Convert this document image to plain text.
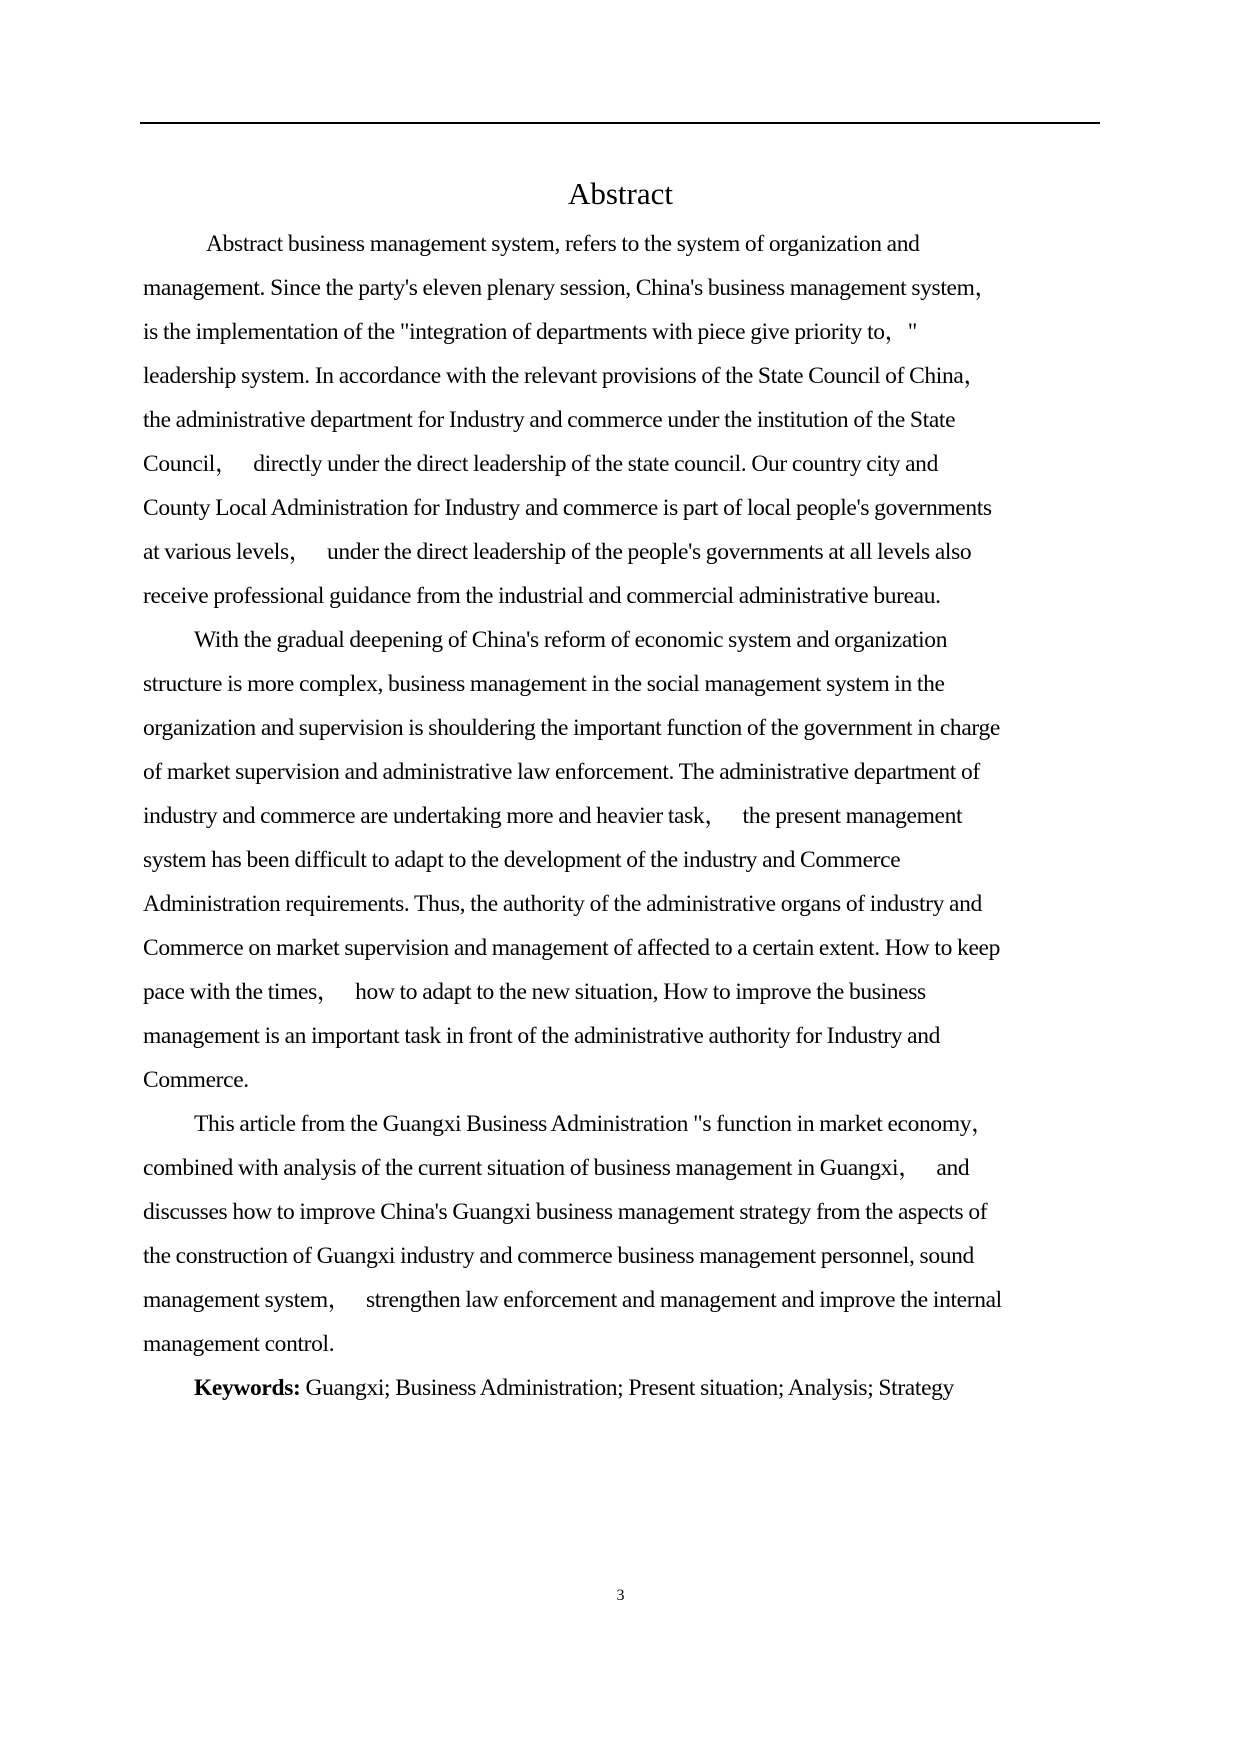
Abstract
Abstract business management system, refers to the system of organization and
management. Since the party's eleven plenary session, China's business management system，
is the implementation of the "integration of departments with piece give priority to，"
leadership system. In accordance with the relevant provisions of the State Council of China，
the administrative department for Industry and commerce under the institution of the State
Council，   directly under the direct leadership of the state council. Our country city and
County Local Administration for Industry and commerce is part of local people's governments
at various levels，   under the direct leadership of the people's governments at all levels also
receive professional guidance from the industrial and commercial administrative bureau.
With the gradual deepening of China's reform of economic system and organization
structure is more complex, business management in the social management system in the
organization and supervision is shouldering the important function of the government in charge
of market supervision and administrative law enforcement. The administrative department of
industry and commerce are undertaking more and heavier task，   the present management
system has been difficult to adapt to the development of the industry and Commerce
Administration requirements. Thus, the authority of the administrative organs of industry and
Commerce on market supervision and management of affected to a certain extent. How to keep
pace with the times，   how to adapt to the new situation, How to improve the business
management is an important task in front of the administrative authority for Industry and
Commerce.
This article from the Guangxi Business Administration "s function in market economy，
combined with analysis of the current situation of business management in Guangxi，   and
discusses how to improve China's Guangxi business management strategy from the aspects of
the construction of Guangxi industry and commerce business management personnel, sound
management system，   strengthen law enforcement and management and improve the internal
management control.
Keywords: Guangxi; Business Administration; Present situation; Analysis; Strategy
3
